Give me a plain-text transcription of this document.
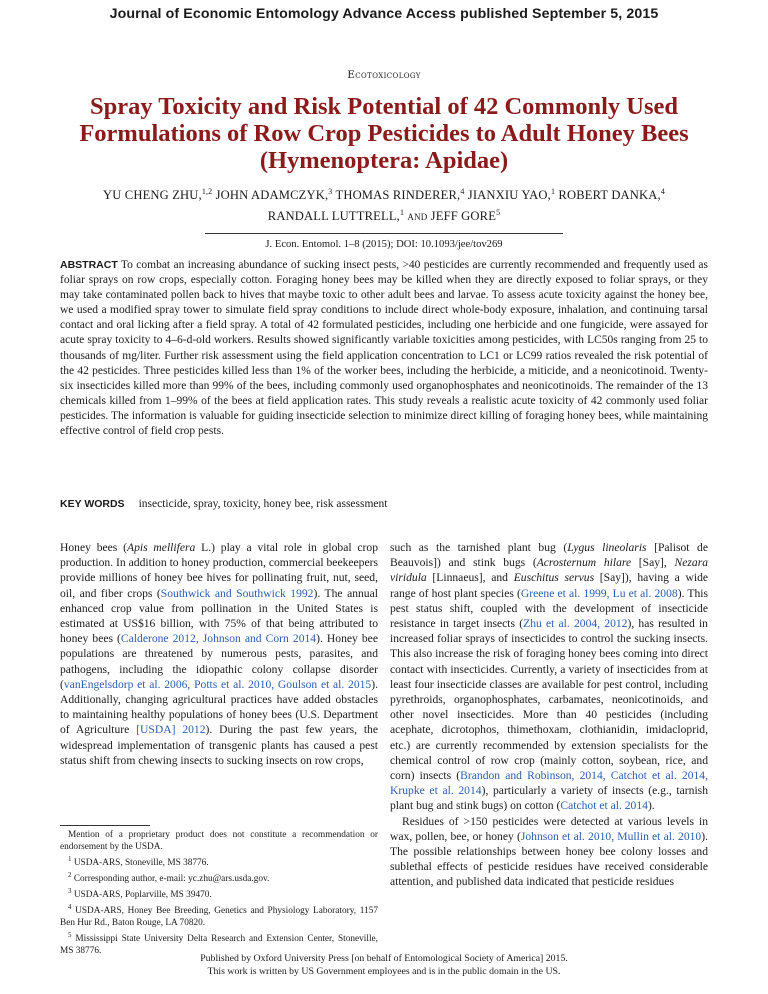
Journal of Economic Entomology Advance Access published September 5, 2015
Ecotoxicology
Spray Toxicity and Risk Potential of 42 Commonly Used Formulations of Row Crop Pesticides to Adult Honey Bees (Hymenoptera: Apidae)
YU CHENG ZHU,$^{1,2}$ JOHN ADAMCZYK,$^3$ THOMAS RINDERER,$^4$ JIANXIU YAO,$^1$ ROBERT DANKA,$^4$
RANDALL LUTTRELL,$^1$ and JEFF GORE$^5$
J. Econ. Entomol. 1–8 (2015); DOI: 10.1093/jee/tov269

ABSTRACT To combat an increasing abundance of sucking insect pests, >40 pesticides are currently recommended and frequently used as foliar sprays on row crops, especially cotton. Foraging honey bees may be killed when they are directly exposed to foliar sprays, or they may take contaminated pollen back to hives that maybe toxic to other adult bees and larvae. To assess acute toxicity against the honey bee, we used a modified spray tower to simulate field spray conditions to include direct whole-body exposure, inhalation, and continuing tarsal contact and oral licking after a field spray. A total of 42 formulated pesticides, including one herbicide and one fungicide, were assayed for acute spray toxicity to 4–6-d-old workers. Results showed significantly variable toxicities among pesticides, with LC50s ranging from 25 to thousands of mg/liter. Further risk assessment using the field application concentration to LC1 or LC99 ratios revealed the risk potential of the 42 pesticides. Three pesticides killed less than 1% of the worker bees, including the herbicide, a miticide, and a neonicotinoid. Twenty-six insecticides killed more than 99% of the bees, including commonly used organophosphates and neonicotinoids. The remainder of the 13 chemicals killed from 1–99% of the bees at field application rates. This study reveals a realistic acute toxicity of 42 commonly used foliar pesticides. The information is valuable for guiding insecticide selection to minimize direct killing of foraging honey bees, while maintaining effective control of field crop pests.

KEY WORDS insecticide, spray, toxicity, honey bee, risk assessment

Honey bees (Apis mellifera L.) play a vital role in global crop production. In addition to honey production, commercial beekeepers provide millions of honey bee hives for pollinating fruit, nut, seed, oil, and fiber crops (Southwick and Southwick 1992). The annual enhanced crop value from pollination in the United States is estimated at US$16 billion, with 75% of that being attributed to honey bees (Calderone 2012, Johnson and Corn 2014). Honey bee populations are threatened by numerous pests, parasites, and pathogens, including the idiopathic colony collapse disorder (vanEngelsdorp et al. 2006, Potts et al. 2010, Goulson et al. 2015). Additionally, changing agricultural practices have added obstacles to maintaining healthy populations of honey bees (U.S. Department of Agriculture [USDA] 2012). During the past few years, the widespread implementation of transgenic plants has caused a pest status shift from chewing insects to sucking insects on row crops,

such as the tarnished plant bug (Lygus lineolaris [Palisot de Beauvois]) and stink bugs (Acrosternum hilare [Say], Nezara viridula [Linnaeus], and Euschitus servus [Say]), having a wide range of host plant species (Greene et al. 1999, Lu et al. 2008). This pest status shift, coupled with the development of insecticide resistance in target insects (Zhu et al. 2004, 2012), has resulted in increased foliar sprays of insecticides to control the sucking insects. This also increase the risk of foraging honey bees coming into direct contact with insecticides. Currently, a variety of insecticides from at least four insecticide classes are available for pest control, including pyrethroids, organophosphates, carbamates, neonicotinoids, and other novel insecticides. More than 40 pesticides (including acephate, dicrotophos, thimethoxam, clothianidin, imidacloprid, etc.) are currently recommended by extension specialists for the chemical control of row crop (mainly cotton, soybean, rice, and corn) insects (Brandon and Robinson, 2014, Catchot et al. 2014, Krupke et al. 2014), particularly a variety of insects (e.g., tarnish plant bug and stink bugs) on cotton (Catchot et al. 2014).

Residues of >150 pesticides were detected at various levels in wax, pollen, bee, or honey (Johnson et al. 2010, Mullin et al. 2010). The possible relationships between honey bee colony losses and sublethal effects of pesticide residues have received considerable attention, and published data indicated that pesticide residues

Mention of a proprietary product does not constitute a recommendation or endorsement by the USDA.
$^1$ USDA-ARS, Stoneville, MS 38776.
$^2$ Corresponding author, e-mail: yc.zhu@ars.usda.gov.
$^3$ USDA-ARS, Poplarville, MS 39470.
$^4$ USDA-ARS, Honey Bee Breeding, Genetics and Physiology Laboratory, 1157 Ben Hur Rd., Baton Rouge, LA 70820.
$^5$ Mississippi State University Delta Research and Extension Center, Stoneville, MS 38776.
Published by Oxford University Press [on behalf of Entomological Society of America] 2015.
This work is written by US Government employees and is in the public domain in the US.
